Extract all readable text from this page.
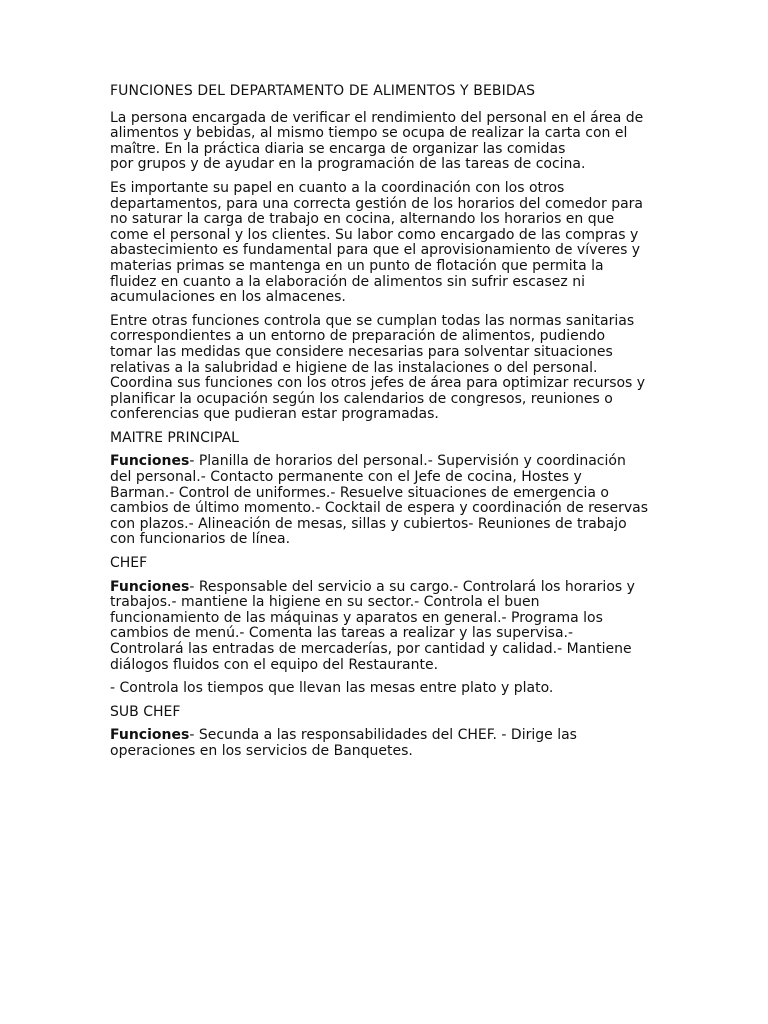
FUNCIONES DEL DEPARTAMENTO DE ALIMENTOS Y BEBIDAS

La persona encargada de verificar el rendimiento del personal en el área de
alimentos y bebidas, al mismo tiempo se ocupa de realizar la carta con el
maître. En la práctica diaria se encarga de organizar las comidas
por grupos y de ayudar en la programación de las tareas de cocina.

Es importante su papel en cuanto a la coordinación con los otros
departamentos, para una correcta gestión de los horarios del comedor para
no saturar la carga de trabajo en cocina, alternando los horarios en que
come el personal y los clientes. Su labor como encargado de las compras y
abastecimiento es fundamental para que el aprovisionamiento de víveres y
materias primas se mantenga en un punto de flotación que permita la
fluidez en cuanto a la elaboración de alimentos sin sufrir escasez ni
acumulaciones en los almacenes.

Entre otras funciones controla que se cumplan todas las normas sanitarias
correspondientes a un entorno de preparación de alimentos, pudiendo
tomar las medidas que considere necesarias para solventar situaciones
relativas a la salubridad e higiene de las instalaciones o del personal.
Coordina sus funciones con los otros jefes de área para optimizar recursos y
planificar la ocupación según los calendarios de congresos, reuniones o
conferencias que pudieran estar programadas.

MAITRE PRINCIPAL

Funciones- Planilla de horarios del personal.- Supervisión y coordinación
del personal.- Contacto permanente con el Jefe de cocina, Hostes y
Barman.- Control de uniformes.- Resuelve situaciones de emergencia o
cambios de último momento.- Cocktail de espera y coordinación de reservas
con plazos.- Alineación de mesas, sillas y cubiertos- Reuniones de trabajo
con funcionarios de línea.

CHEF

Funciones- Responsable del servicio a su cargo.- Controlará los horarios y
trabajos.- mantiene la higiene en su sector.- Controla el buen
funcionamiento de las máquinas y aparatos en general.- Programa los
cambios de menú.- Comenta las tareas a realizar y las supervisa.-
Controlará las entradas de mercaderías, por cantidad y calidad.- Mantiene
diálogos fluidos con el equipo del Restaurante.

- Controla los tiempos que llevan las mesas entre plato y plato.

SUB CHEF

Funciones- Secunda a las responsabilidades del CHEF. - Dirige las
operaciones en los servicios de Banquetes.
